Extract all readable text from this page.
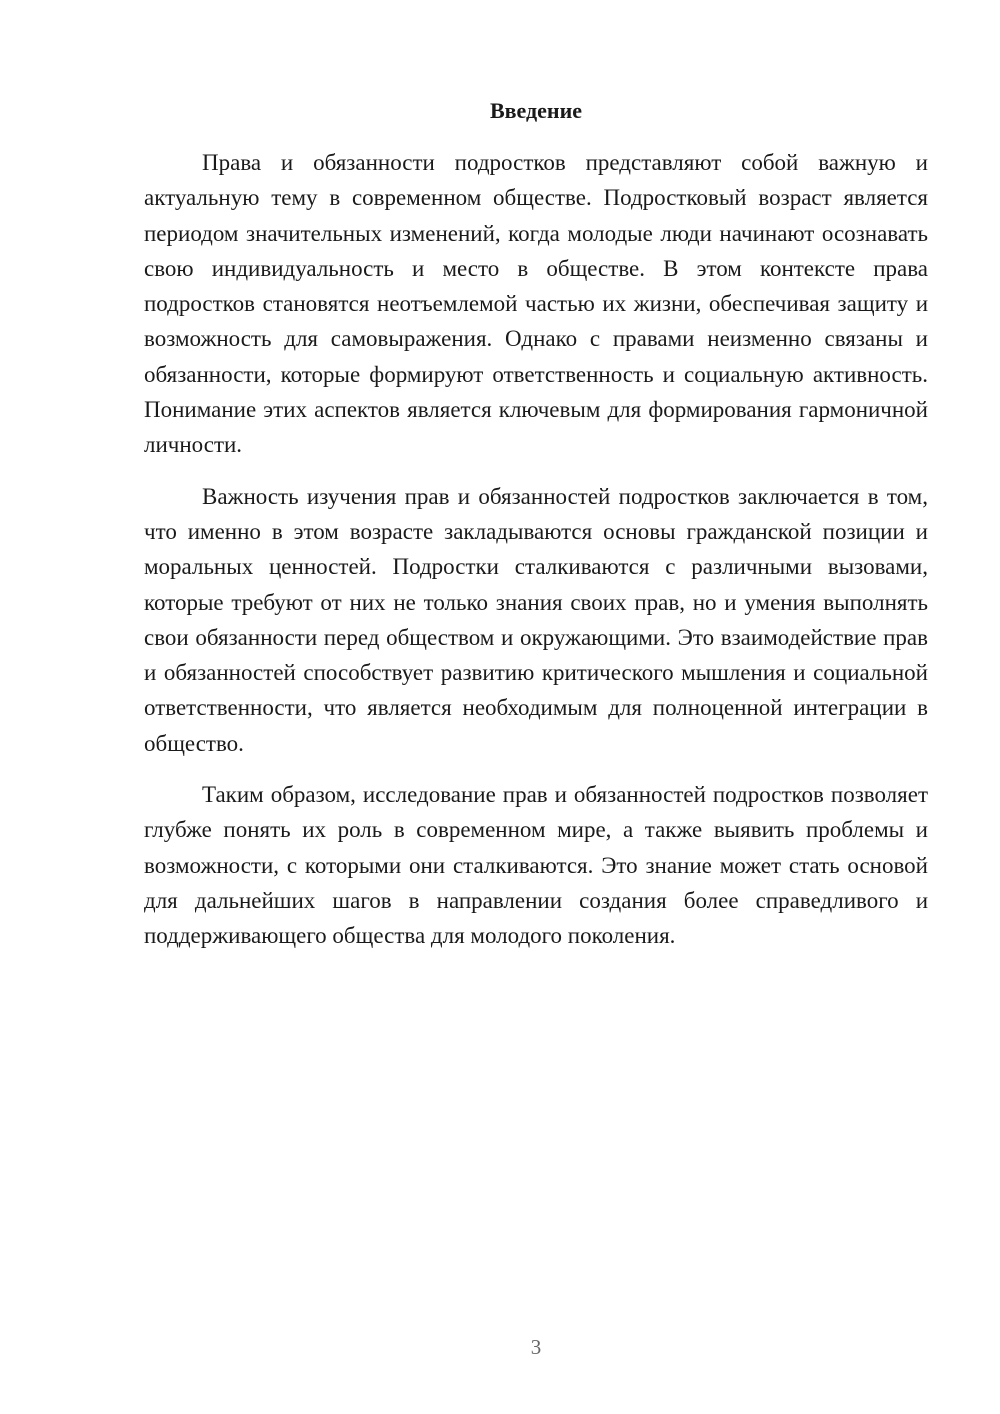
Введение

Права и обязанности подростков представляют собой важную и актуальную тему в современном обществе. Подростковый возраст является периодом значительных изменений, когда молодые люди начинают осознавать свою индивидуальность и место в обществе. В этом контексте права подростков становятся неотъемлемой частью их жизни, обеспечивая защиту и возможность для самовыражения. Однако с правами неизменно связаны и обязанности, которые формируют ответственность и социальную активность. Понимание этих аспектов является ключевым для формирования гармоничной личности.

Важность изучения прав и обязанностей подростков заключается в том, что именно в этом возрасте закладываются основы гражданской позиции и моральных ценностей. Подростки сталкиваются с различными вызовами, которые требуют от них не только знания своих прав, но и умения выполнять свои обязанности перед обществом и окружающими. Это взаимодействие прав и обязанностей способствует развитию критического мышления и социальной ответственности, что является необходимым для полноценной интеграции в общество.

Таким образом, исследование прав и обязанностей подростков позволяет глубже понять их роль в современном мире, а также выявить проблемы и возможности, с которыми они сталкиваются. Это знание может стать основой для дальнейших шагов в направлении создания более справедливого и поддерживающего общества для молодого поколения.

3
